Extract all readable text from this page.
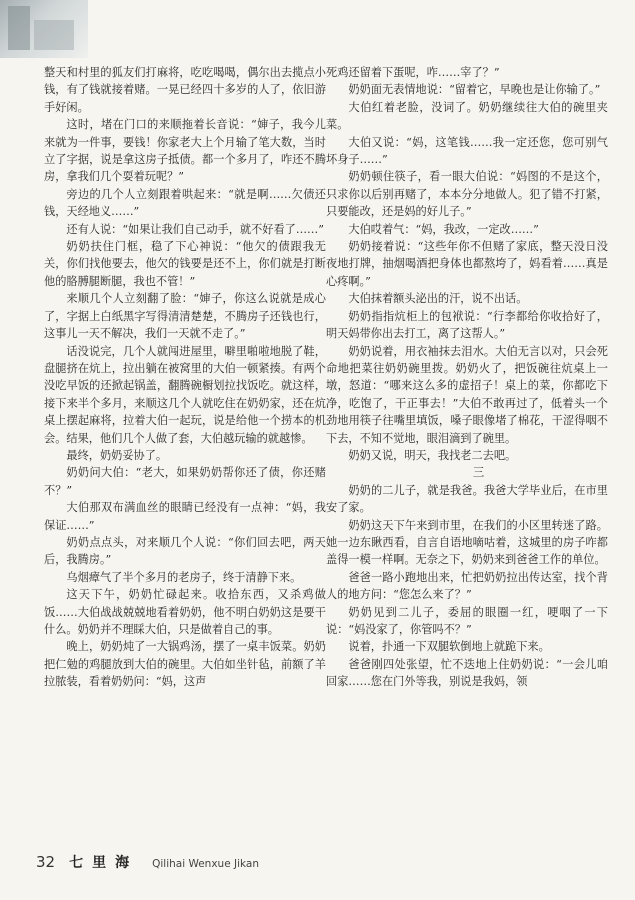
整天和村里的狐友们打麻将，吃吃喝喝，偶尔出去揽点小钱，有了钱就接着赌。一晃已经四十多岁的人了，依旧游手好闲。

这时，堵在门口的来顺拖着长音说：“婶子，我今儿来就为一件事，要钱！你家老大上个月输了笔大数，当时立了字据，说是拿这房子抵债。都一个多月了，咋还不腾房，拿我们几个耍着玩呢？”

旁边的几个人立刻跟着哄起来：“就是啊……欠债还钱，天经地义……”

还有人说：“如果让我们自己动手，就不好看了……”

奶奶扶住门框，稳了下心神说：“他欠的债跟我无关，你们找他要去，他欠的钱要是还不上，你们就是打断他的胳膊腿断腿，我也不管！”

来顺几个人立刻翻了脸：“婶子，你这么说就是成心了，字据上白纸黑字写得清清楚楚，不腾房子还钱也行，这事儿一天不解决，我们一天就不走了。”

话没说完，几个人就闯进屋里，噼里啪啦地脱了鞋，盘腿挤在炕上，拉出躺在被窝里的大伯一顿紧揍。有两个没吃早饭的还掀起锅盖，翻腾碗橱划拉找饭吃。就这样，接下来半个多月，来顺这几个人就吃住在奶奶家，还在炕桌上摆起麻将，拉着大伯一起玩，说是给他一个捞本的机会。结果，他们几个人做了套，大伯越玩输的就越惨。

最终，奶奶妥协了。

奶奶问大伯：“老大，如果奶奶帮你还了债，你还赌不？”

大伯那双布满血丝的眼睛已经没有一点神：“妈，我保证……”

奶奶点点头，对来顺几个人说：“你们回去吧，两天后，我腾房。”

乌烟瘴气了半个多月的老房子，终于清静下来。

这天下午，奶奶忙碌起来。收拾东西，又杀鸡做饭……大伯战战兢兢地看着奶奶，他不明白奶奶这是要干什么。奶奶并不理睬大伯，只是做着自己的事。

晚上，奶奶炖了一大锅鸡汤，摆了一桌丰饭菜。奶奶把仁勉的鸡腿放到大伯的碗里。大伯如坐针毡，前额了羊拉脓装，看着奶奶问：“妈，这声

死鸡还留着下蛋呢，咋……宰了？”

奶奶面无表情地说：“留着它，早晚也是让你输了。”

大伯红着老脸，没词了。奶奶继续往大伯的碗里夹菜。

大伯又说：“妈，这笔钱……我一定还您，您可别气坏身子……”

奶奶顿住筷子，看一眼大伯说：“妈图的不是这个，只求你以后别再赌了，本本分分地做人。犯了错不打紧，只要能改，还是妈的好儿子。”

大伯哎着气：“妈，我改，一定改……”

奶奶接着说：“这些年你不但赌了家底，整天没日没夜地打牌，抽烟喝酒把身体也都熬垮了，妈看着……真是心疼啊。”

大伯抹着额头泌出的汗，说不出话。

奶奶指指炕柜上的包袱说：“行李都给你收拾好了，明天妈带你出去打工，离了这帮人。”

奶奶说着，用衣袖抹去泪水。大伯无言以对，只会死命地把菜往奶奶碗里拨。奶奶火了，把饭碗往炕桌上一墩，怒道：“哪来这么多的虚招子！桌上的菜，你都吃下净，吃饱了，干正事去！”大伯不敢再过了，低着头一个劲地用筷子往嘴里填饭，嗓子眼像堵了棉花，干涩得咽不下去，不知不觉地，眼泪滴到了碗里。

奶奶又说，明天，我找老二去吧。

三

奶奶的二儿子，就是我爸。我爸大学毕业后，在市里安了家。

奶奶这天下午来到市里，在我们的小区里转迷了路。她一边东瞅西看，自言自语地嘀咕着，这城里的房子咋都盖得一模一样啊。无奈之下，奶奶来到爸爸工作的单位。

爸爸一路小跑地出来，忙把奶奶拉出传达室，找个背人的地方问：“您怎么来了？”

奶奶见到二儿子，委屈的眼圈一红，哽咽了一下说：“妈没家了，你管吗不？”

说着，扑通一下双腿软倒地上就跪下来。

爸爸刚四处张望，忙不迭地上住奶奶说：“一会儿咱回家……您在门外等我，别说是我妈，领

32 七里海 Qilihai Wenxue Jikan
